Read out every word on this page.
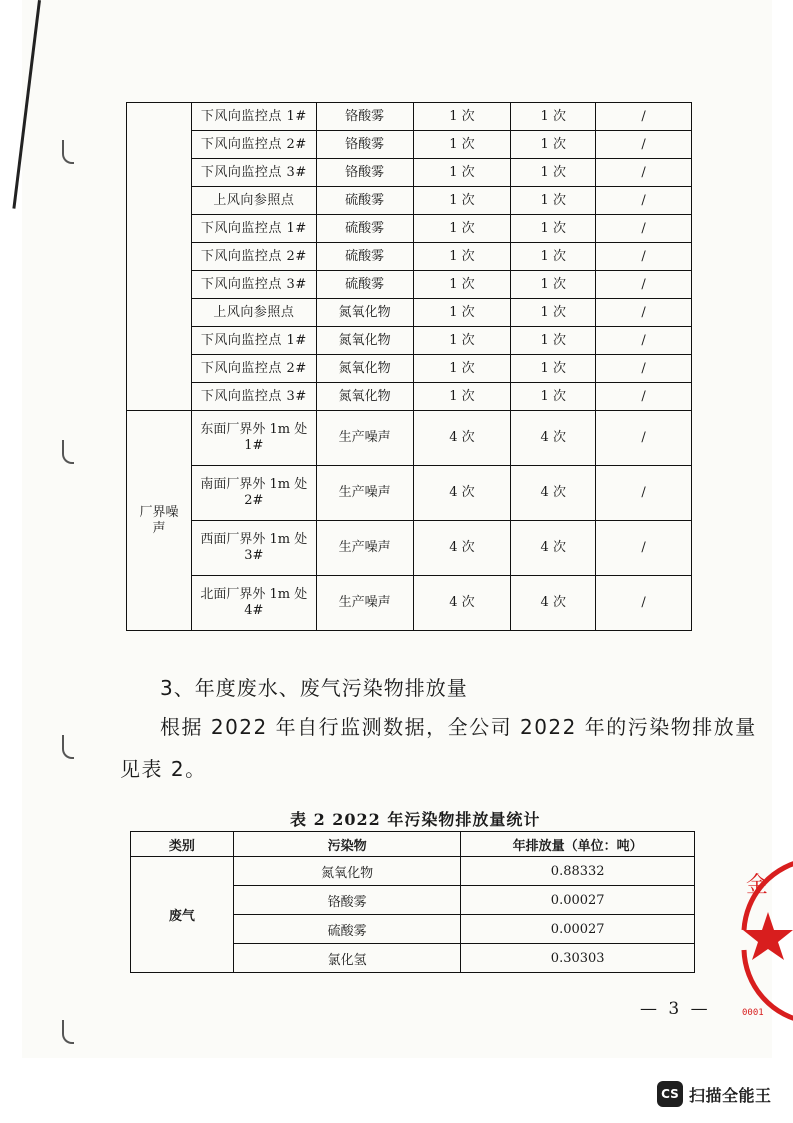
	下风向监控点 1#	铬酸雾	1 次	1 次	/
	下风向监控点 2#	铬酸雾	1 次	1 次	/
	下风向监控点 3#	铬酸雾	1 次	1 次	/
	上风向参照点	硫酸雾	1 次	1 次	/
	下风向监控点 1#	硫酸雾	1 次	1 次	/
	下风向监控点 2#	硫酸雾	1 次	1 次	/
	下风向监控点 3#	硫酸雾	1 次	1 次	/
	上风向参照点	氮氧化物	1 次	1 次	/
	下风向监控点 1#	氮氧化物	1 次	1 次	/
	下风向监控点 2#	氮氧化物	1 次	1 次	/
	下风向监控点 3#	氮氧化物	1 次	1 次	/
厂界噪声	东面厂界外 1m 处 1#	生产噪声	4 次	4 次	/
	南面厂界外 1m 处 2#	生产噪声	4 次	4 次	/
	西面厂界外 1m 处 3#	生产噪声	4 次	4 次	/
	北面厂界外 1m 处 4#	生产噪声	4 次	4 次	/
3、年度废水、废气污染物排放量
根据 2022 年自行监测数据，全公司 2022 年的污染物排放量
见表 2。
表 2 2022 年污染物排放量统计
类别	污染物	年排放量（单位：吨）
废气	氮氧化物	0.88332
	铬酸雾	0.00027
	硫酸雾	0.00027
	氯化氢	0.30303
— 3 —
金
0001
CS 扫描全能王
